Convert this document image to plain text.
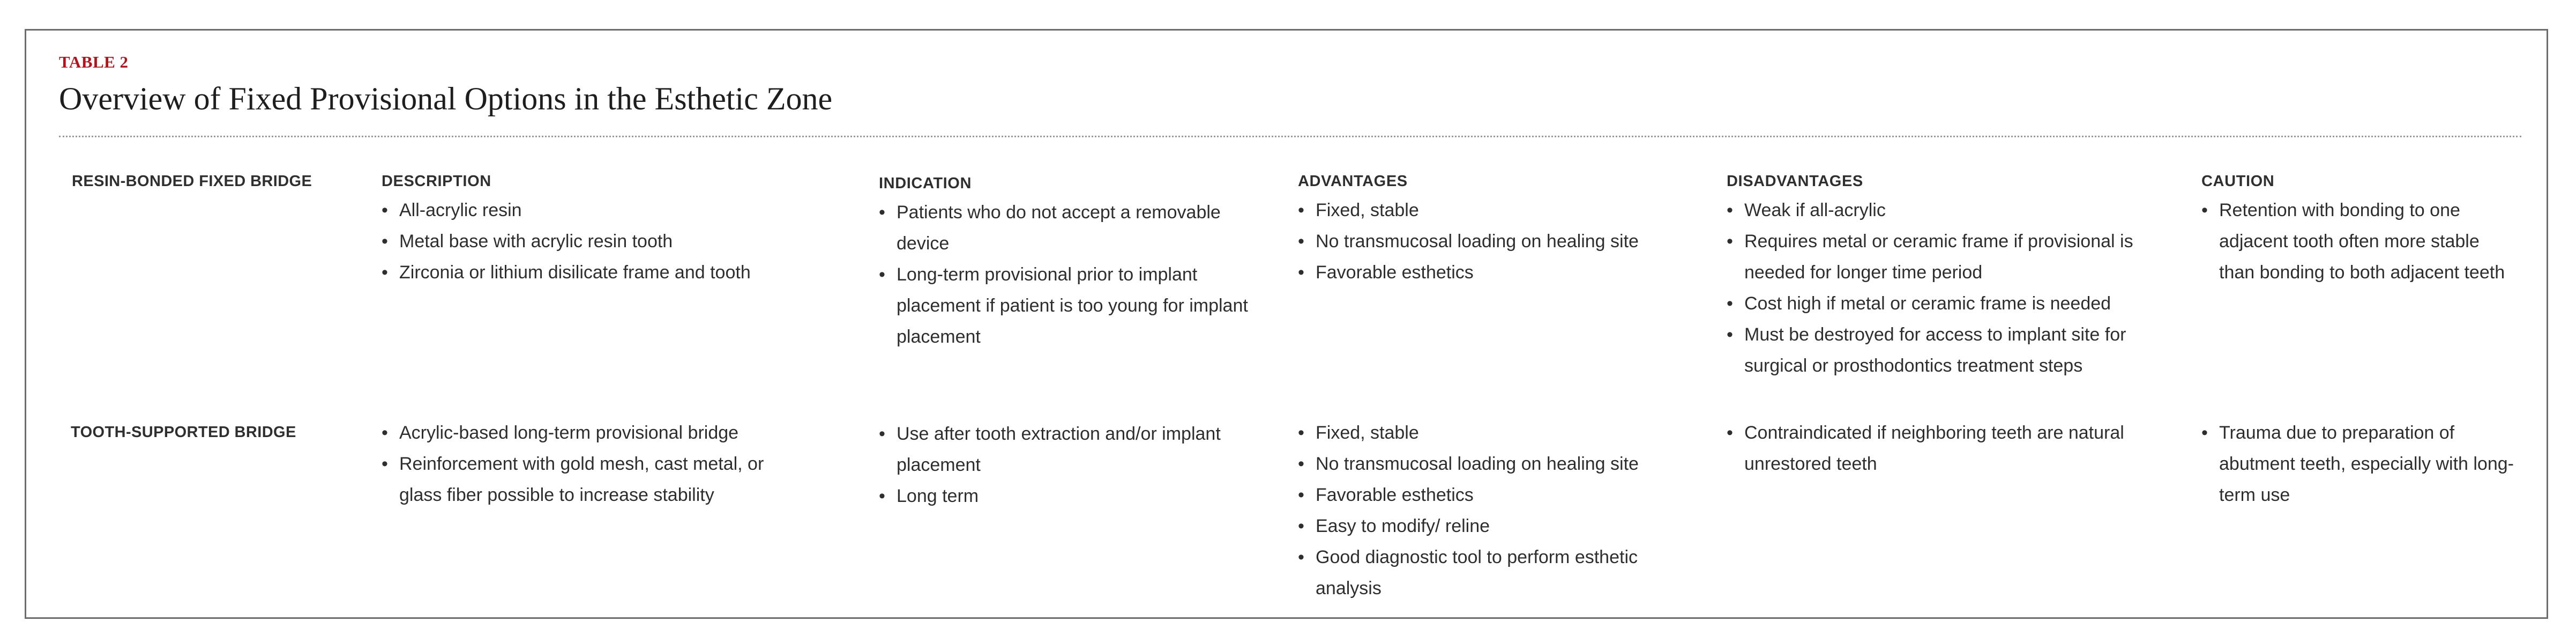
TABLE 2
Overview of Fixed Provisional Options in the Esthetic Zone
RESIN-BONDED FIXED BRIDGE	DESCRIPTION
• All-acrylic resin
• Metal base with acrylic resin tooth
• Zirconia or lithium disilicate frame and tooth
INDICATION
• Patients who do not accept a removable device
• Long-term provisional prior to implant placement if patient is too young for implant placement
ADVANTAGES
• Fixed, stable
• No transmucosal loading on healing site
• Favorable esthetics
DISADVANTAGES
• Weak if all-acrylic
• Requires metal or ceramic frame if provisional is needed for longer time period
• Cost high if metal or ceramic frame is needed
• Must be destroyed for access to implant site for surgical or prosthodontics treatment steps
CAUTION
• Retention with bonding to one adjacent tooth often more stable than bonding to both adjacent teeth
TOOTH-SUPPORTED BRIDGE
•	Acrylic-based long-term provisional bridge
• Reinforcement with gold mesh, cast metal, or glass fiber possible to increase stability
• Use after tooth extraction and/or implant placement
• Long term
• Fixed, stable
• No transmucosal loading on healing site
• Favorable esthetics
• Easy to modify/ reline
• Good diagnostic tool to perform esthetic analysis
• Contraindicated if neighboring teeth are natural unrestored teeth
• Trauma due to preparation of abutment teeth, especially with long-term use
